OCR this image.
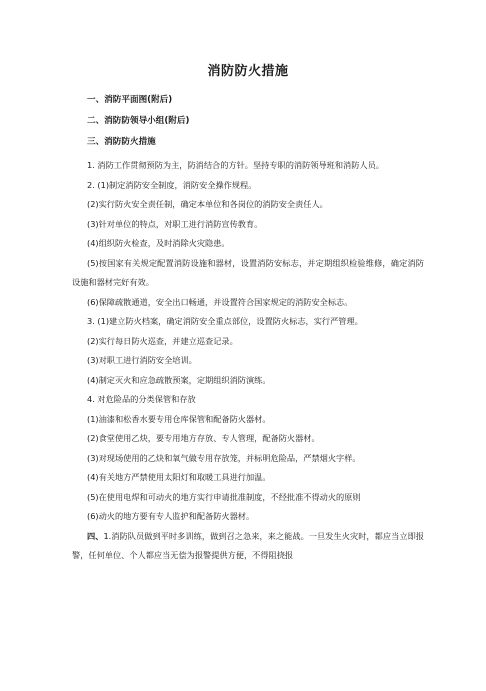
消防防火措施
一、消防平面图(附后)
二、消防防领导小组(附后)
三、消防防火措施

1. 消防工作贯彻预防为主，防消结合的方针。坚持专职的消防领导班和消防人员。

2. (1)制定消防安全制度，消防安全操作规程。

(2)实行防火安全责任制，确定本单位和各岗位的消防安全责任人。

(3)针对单位的特点，对职工进行消防宣传教育。

(4)组织防火检查，及时消除火灾隐患。

(5)按国家有关规定配置消防设施和器材，设置消防安标志，并定期组织检验维修，确定消防设施和器材完好有效。

(6)保障疏散通道，安全出口畅通，并设置符合国家规定的消防安全标志。

3. (1)建立防火档案，确定消防安全重点部位，设置防火标志，实行严管理。

(2)实行每日防火巡查，并建立巡查记录。

(3)对职工进行消防安全培训。

(4)制定灭火和应急疏散预案，定期组织消防演练。

4. 对危险品的分类保管和存放

(1)油漆和松香水要专用仓库保管和配备防火器材。

(2)食堂使用乙炔，要专用地方存放、专人管理，配备防火器材。

(3)对现场使用的乙炔和氧气做专用存放笼，并标明危险品，严禁烟火字样。

(4)有关地方严禁使用太阳灯和取暖工具进行加温。

(5)在使用电焊和可动火的地方实行申请批准制度，不经批准不得动火的原则

(6)动火的地方要有专人监护和配备防火器材。

四、1.消防队员做到平时多训练，做到召之急来，来之能战。一旦发生火灾时，都应当立即报警，任何单位、个人都应当无偿为报警提供方便，不得阻挠报
